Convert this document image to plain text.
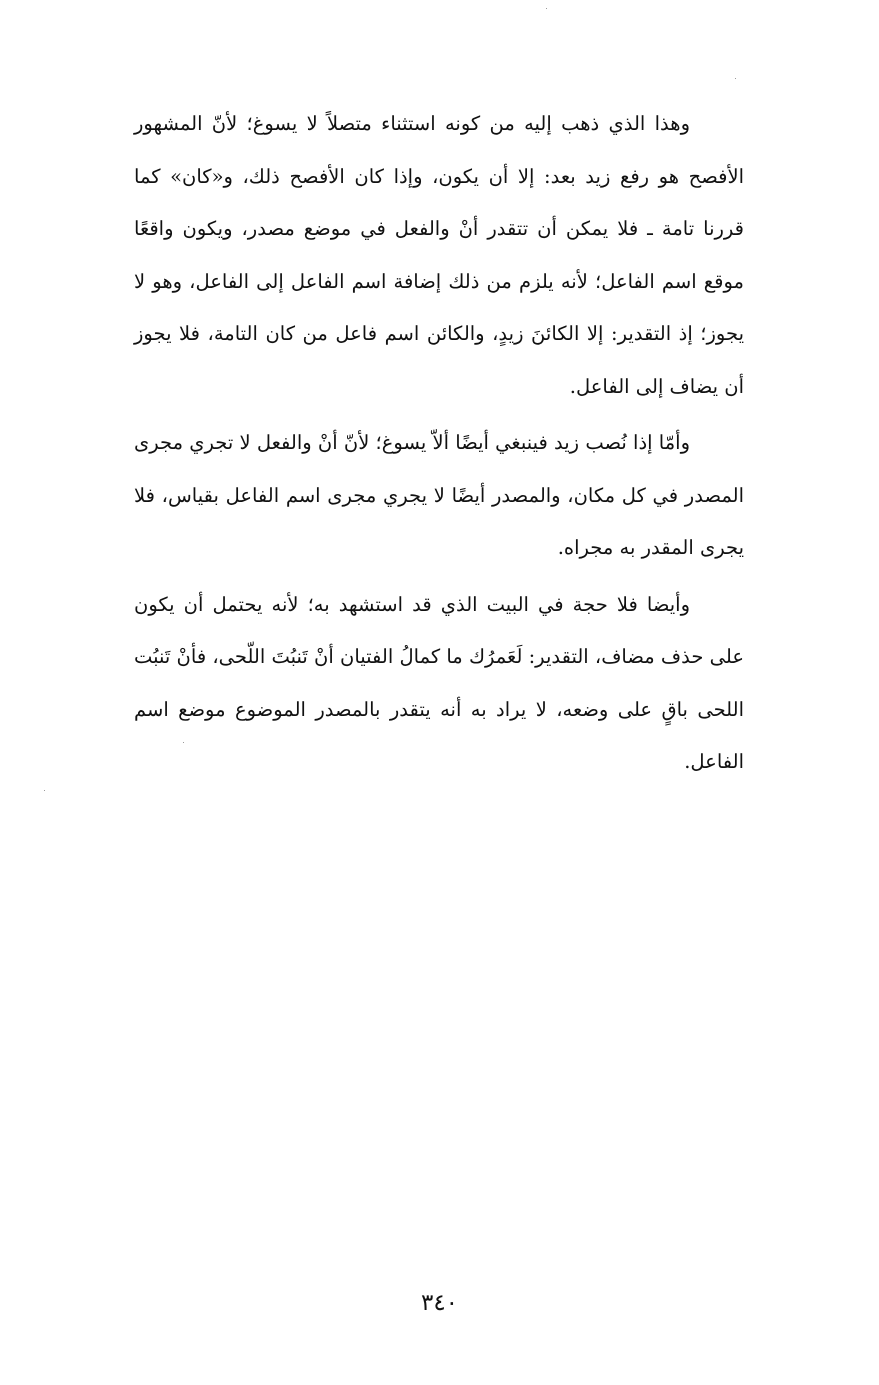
وهذا الذي ذهب إليه من كونه استثناء متصلاً لا يسوغ؛ لأنّ المشهور الأفصح هو رفع زيد بعد: إلا أن يكون، وإذا كان الأفصح ذلك، و«كان» كما قررنا تامة ـ فلا يمكن أن تتقدر أنْ والفعل في موضع مصدر، ويكون واقعًا موقع اسم الفاعل؛ لأنه يلزم من ذلك إضافة اسم الفاعل إلى الفاعل، وهو لا يجوز؛ إذ التقدير: إلا الكائنَ زيدٍ، والكائن اسم فاعل من كان التامة، فلا يجوز أن يضاف إلى الفاعل.

وأمّا إذا نُصب زيد فينبغي أيضًا ألاّ يسوغ؛ لأنّ أنْ والفعل لا تجري مجرى المصدر في كل مكان، والمصدر أيضًا لا يجري مجرى اسم الفاعل بقياس، فلا يجرى المقدر به مجراه.

وأيضا فلا حجة في البيت الذي قد استشهد به؛ لأنه يحتمل أن يكون على حذف مضاف، التقدير: لَعَمرُك ما كمالُ الفتيان أنْ تَنبُتَ اللّحى، فأنْ تَنبُت اللحى باقٍ على وضعه، لا يراد به أنه يتقدر بالمصدر الموضوع موضع اسم الفاعل.

٣٤٠
